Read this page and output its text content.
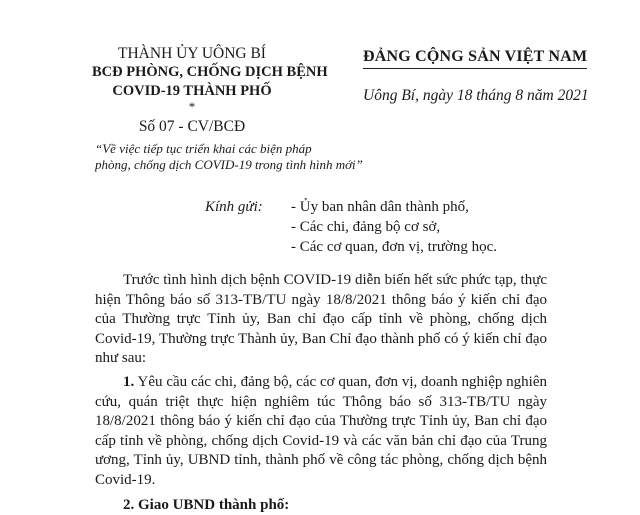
THÀNH ỦY UÔNG BÍ
BCĐ PHÒNG, CHỐNG DỊCH BỆNH
COVID-19 THÀNH PHỐ
*
Số 07 - CV/BCĐ
“Về việc tiếp tục triển khai các biện pháp
phòng, chống dịch COVID-19 trong tình hình mới”
ĐẢNG CỘNG SẢN VIỆT NAM
Uông Bí, ngày 18 tháng 8 năm 2021
Kính gửi: - Ủy ban nhân dân thành phố,
- Các chi, đảng bộ cơ sở,
- Các cơ quan, đơn vị, trường học.

Trước tình hình dịch bệnh COVID-19 diễn biến hết sức phức tạp, thực hiện Thông báo số 313-TB/TU ngày 18/8/2021 thông báo ý kiến chỉ đạo của Thường trực Tỉnh ủy, Ban chỉ đạo cấp tỉnh về phòng, chống dịch Covid-19, Thường trực Thành ủy, Ban Chỉ đạo thành phố có ý kiến chỉ đạo như sau:

1. Yêu cầu các chi, đảng bộ, các cơ quan, đơn vị, doanh nghiệp nghiên cứu, quán triệt thực hiện nghiêm túc Thông báo số 313-TB/TU ngày 18/8/2021 thông báo ý kiến chỉ đạo của Thường trực Tỉnh ủy, Ban chỉ đạo cấp tỉnh về phòng, chống dịch Covid-19 và các văn bản chỉ đạo của Trung ương, Tỉnh ủy, UBND tỉnh, thành phố về công tác phòng, chống dịch bệnh Covid-19.

2. Giao UBND thành phố:
